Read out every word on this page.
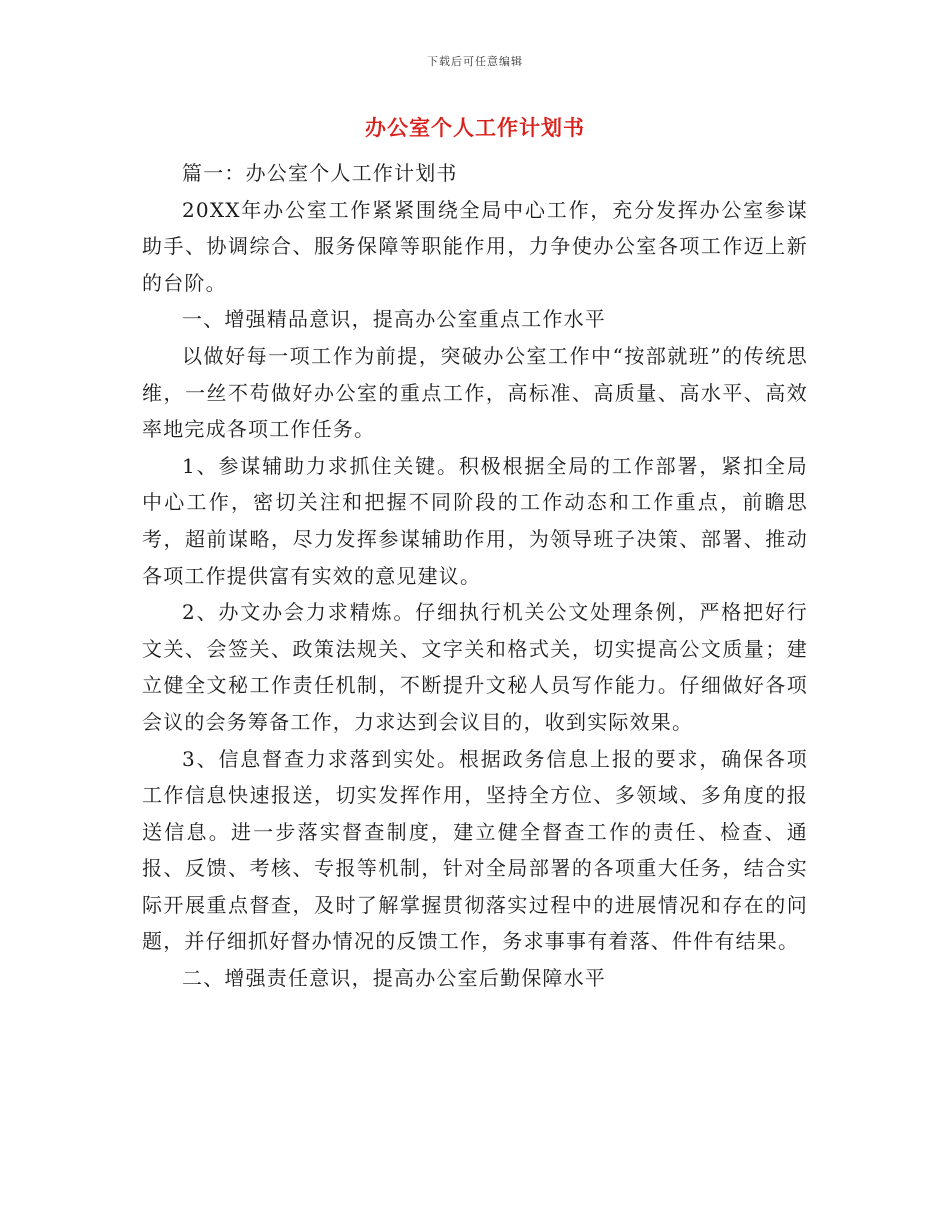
下载后可任意编辑
办公室个人工作计划书

篇一：办公室个人工作计划书

20XX年办公室工作紧紧围绕全局中心工作，充分发挥办公室参谋助手、协调综合、服务保障等职能作用，力争使办公室各项工作迈上新的台阶。

一、增强精品意识，提高办公室重点工作水平

以做好每一项工作为前提，突破办公室工作中“按部就班”的传统思维，一丝不苟做好办公室的重点工作，高标准、高质量、高水平、高效率地完成各项工作任务。

1、参谋辅助力求抓住关键。积极根据全局的工作部署，紧扣全局中心工作，密切关注和把握不同阶段的工作动态和工作重点，前瞻思考，超前谋略，尽力发挥参谋辅助作用，为领导班子决策、部署、推动各项工作提供富有实效的意见建议。

2、办文办会力求精炼。仔细执行机关公文处理条例，严格把好行文关、会签关、政策法规关、文字关和格式关，切实提高公文质量；建立健全文秘工作责任机制，不断提升文秘人员写作能力。仔细做好各项会议的会务筹备工作，力求达到会议目的，收到实际效果。

3、信息督查力求落到实处。根据政务信息上报的要求，确保各项工作信息快速报送，切实发挥作用，坚持全方位、多领域、多角度的报送信息。进一步落实督查制度，建立健全督查工作的责任、检查、通报、反馈、考核、专报等机制，针对全局部署的各项重大任务，结合实际开展重点督查，及时了解掌握贯彻落实过程中的进展情况和存在的问题，并仔细抓好督办情况的反馈工作，务求事事有着落、件件有结果。

二、增强责任意识，提高办公室后勤保障水平
